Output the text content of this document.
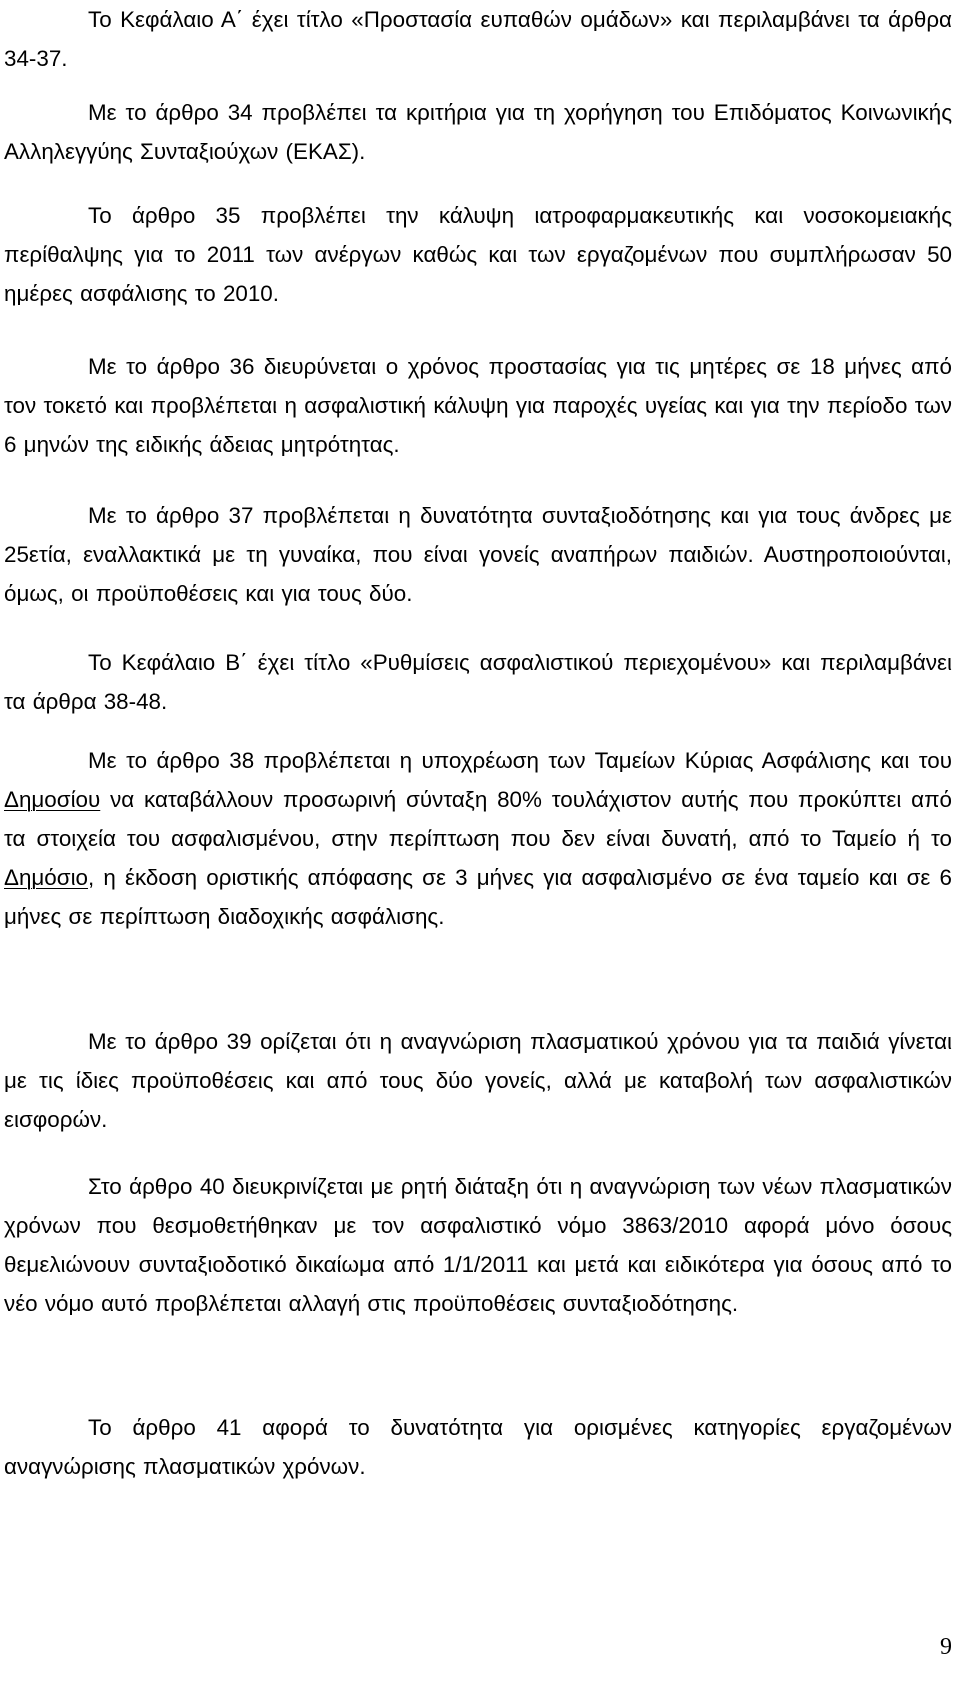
Το Κεφάλαιο Α΄ έχει τίτλο «Προστασία ευπαθών ομάδων» και περιλαμβάνει τα άρθρα 34-37.

Με το άρθρο 34 προβλέπει τα κριτήρια για τη χορήγηση του Επιδόματος Κοινωνικής Αλληλεγγύης Συνταξιούχων (ΕΚΑΣ).

Το άρθρο 35 προβλέπει την κάλυψη ιατροφαρμακευτικής και νοσοκομειακής περίθαλψης για το 2011 των ανέργων καθώς και των εργαζομένων που συμπλήρωσαν 50 ημέρες ασφάλισης το 2010.

Με το άρθρο 36 διευρύνεται ο χρόνος προστασίας για τις μητέρες σε 18 μήνες από τον τοκετό και προβλέπεται η ασφαλιστική κάλυψη για παροχές υγείας και για την περίοδο των 6 μηνών της ειδικής άδειας μητρότητας.

Με το άρθρο 37 προβλέπεται η δυνατότητα συνταξιοδότησης και για τους άνδρες με 25ετία, εναλλακτικά με τη γυναίκα, που είναι γονείς αναπήρων παιδιών. Αυστηροποιούνται, όμως, οι προϋποθέσεις και για τους δύο.

Το Κεφάλαιο Β΄ έχει τίτλο «Ρυθμίσεις ασφαλιστικού περιεχομένου» και περιλαμβάνει τα άρθρα 38-48.

Με το άρθρο 38 προβλέπεται η υποχρέωση των Ταμείων Κύριας Ασφάλισης και του Δημοσίου να καταβάλλουν προσωρινή σύνταξη 80% τουλάχιστον αυτής που προκύπτει από τα στοιχεία του ασφαλισμένου, στην περίπτωση που δεν είναι δυνατή, από το Ταμείο ή το Δημόσιο, η έκδοση οριστικής απόφασης σε 3 μήνες για ασφαλισμένο σε ένα ταμείο και σε 6 μήνες σε περίπτωση διαδοχικής ασφάλισης.

Με το άρθρο 39 ορίζεται ότι η αναγνώριση πλασματικού χρόνου για τα παιδιά γίνεται με τις ίδιες προϋποθέσεις και από τους δύο γονείς, αλλά με καταβολή των ασφαλιστικών εισφορών.

Στο άρθρο 40 διευκρινίζεται με ρητή διάταξη ότι η αναγνώριση των νέων πλασματικών χρόνων που θεσμοθετήθηκαν με τον ασφαλιστικό νόμο 3863/2010 αφορά μόνο όσους θεμελιώνουν συνταξιοδοτικό δικαίωμα από 1/1/2011 και μετά και ειδικότερα για όσους από το νέο νόμο αυτό προβλέπεται αλλαγή στις προϋποθέσεις συνταξιοδότησης.

Το άρθρο 41 αφορά το δυνατότητα για ορισμένες κατηγορίες εργαζομένων αναγνώρισης πλασματικών χρόνων.

9
